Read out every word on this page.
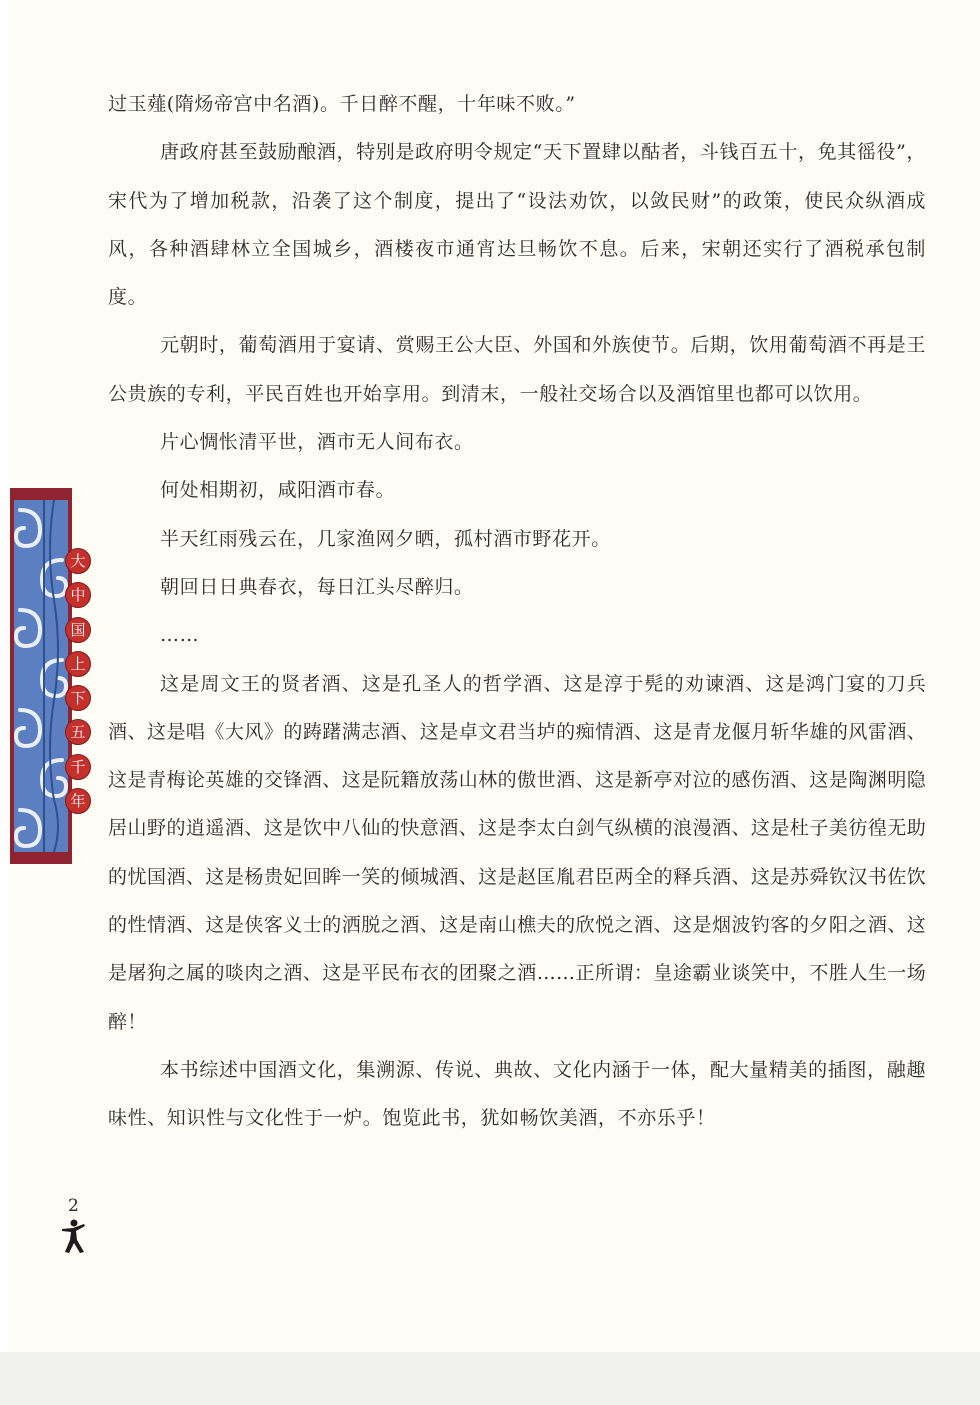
过玉薤(隋炀帝宫中名酒)。千日醉不醒，十年味不败。”

唐政府甚至鼓励酿酒，特别是政府明令规定“天下置肆以酤者，斗钱百五十，免其徭役”，宋代为了增加税款，沿袭了这个制度，提出了“设法劝饮，以敛民财”的政策，使民众纵酒成风，各种酒肆林立全国城乡，酒楼夜市通宵达旦畅饮不息。后来，宋朝还实行了酒税承包制度。

元朝时，葡萄酒用于宴请、赏赐王公大臣、外国和外族使节。后期，饮用葡萄酒不再是王公贵族的专利，平民百姓也开始享用。到清末，一般社交场合以及酒馆里也都可以饮用。

片心惆怅清平世，酒市无人间布衣。

何处相期初，咸阳酒市春。

半天红雨残云在，几家渔网夕晒，孤村酒市野花开。

朝回日日典春衣，每日江头尽醉归。

……

这是周文王的贤者酒、这是孔圣人的哲学酒、这是淳于髡的劝谏酒、这是鸿门宴的刀兵酒、这是唱《大风》的踌躇满志酒、这是卓文君当垆的痴情酒、这是青龙偃月斩华雄的风雷酒、这是青梅论英雄的交锋酒、这是阮籍放荡山林的傲世酒、这是新亭对泣的感伤酒、这是陶渊明隐居山野的逍遥酒、这是饮中八仙的快意酒、这是李太白剑气纵横的浪漫酒、这是杜子美彷徨无助的忧国酒、这是杨贵妃回眸一笑的倾城酒、这是赵匡胤君臣两全的释兵酒、这是苏舜钦汉书佐饮的性情酒、这是侠客义士的洒脱之酒、这是南山樵夫的欣悦之酒、这是烟波钓客的夕阳之酒、这是屠狗之属的啖肉之酒、这是平民布衣的团聚之酒……正所谓：皇途霸业谈笑中，不胜人生一场醉！

本书综述中国酒文化，集溯源、传说、典故、文化内涵于一体，配大量精美的插图，融趣味性、知识性与文化性于一炉。饱览此书，犹如畅饮美酒，不亦乐乎！

大
中
国
上
下
五
千
年
2
